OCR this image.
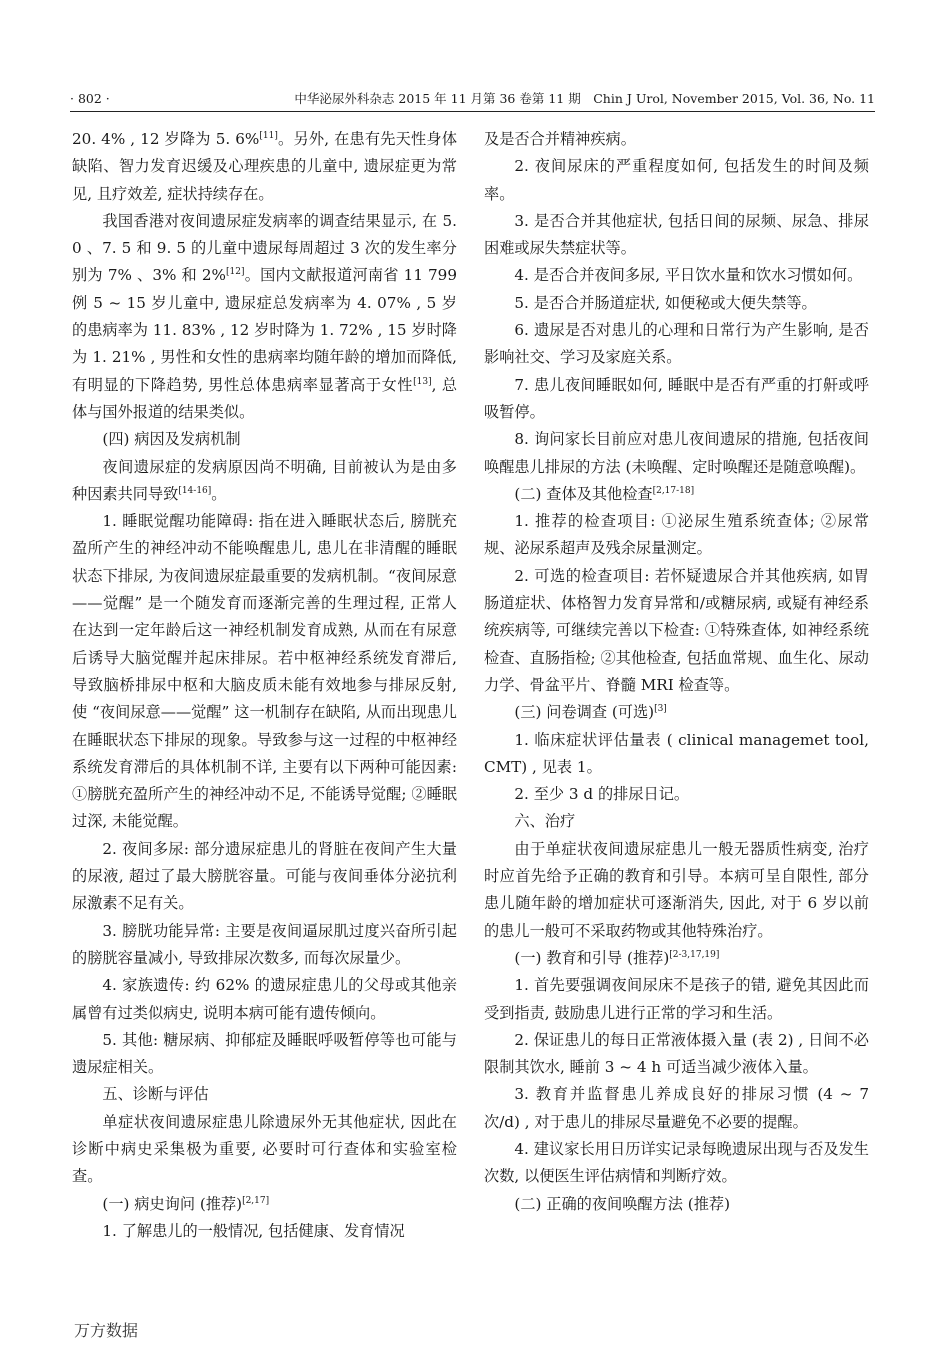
· 802 ·	中华泌尿外科杂志 2015 年 11 月第 36 卷第 11 期　Chin J Urol, November 2015, Vol. 36, No. 11

20. 4% , 12 岁降为 5. 6%[11]。另外, 在患有先天性身体缺陷、智力发育迟缓及心理疾患的儿童中, 遗尿症更为常见, 且疗效差, 症状持续存在。

我国香港对夜间遗尿症发病率的调查结果显示, 在 5. 0 、7. 5 和 9. 5 的儿童中遗尿每周超过 3 次的发生率分别为 7% 、3% 和 2%[12]。国内文献报道河南省 11 799 例 5 ~ 15 岁儿童中, 遗尿症总发病率为 4. 07% , 5 岁的患病率为 11. 83% , 12 岁时降为 1. 72% , 15 岁时降为 1. 21% , 男性和女性的患病率均随年龄的增加而降低, 有明显的下降趋势, 男性总体患病率显著高于女性[13], 总体与国外报道的结果类似。

(四) 病因及发病机制

夜间遗尿症的发病原因尚不明确, 目前被认为是由多种因素共同导致[14-16]。

1. 睡眠觉醒功能障碍: 指在进入睡眠状态后, 膀胱充盈所产生的神经冲动不能唤醒患儿, 患儿在非清醒的睡眠状态下排尿, 为夜间遗尿症最重要的发病机制。“夜间尿意——觉醒” 是一个随发育而逐渐完善的生理过程, 正常人在达到一定年龄后这一神经机制发育成熟, 从而在有尿意后诱导大脑觉醒并起床排尿。若中枢神经系统发育滞后, 导致脑桥排尿中枢和大脑皮质未能有效地参与排尿反射, 使 “夜间尿意——觉醒” 这一机制存在缺陷, 从而出现患儿在睡眠状态下排尿的现象。导致参与这一过程的中枢神经系统发育滞后的具体机制不详, 主要有以下两种可能因素: ①膀胱充盈所产生的神经冲动不足, 不能诱导觉醒; ②睡眠过深, 未能觉醒。

2. 夜间多尿: 部分遗尿症患儿的肾脏在夜间产生大量的尿液, 超过了最大膀胱容量。可能与夜间垂体分泌抗利尿激素不足有关。

3. 膀胱功能异常: 主要是夜间逼尿肌过度兴奋所引起的膀胱容量减小, 导致排尿次数多, 而每次尿量少。

4. 家族遗传: 约 62% 的遗尿症患儿的父母或其他亲属曾有过类似病史, 说明本病可能有遗传倾向。

5. 其他: 糖尿病、抑郁症及睡眠呼吸暂停等也可能与遗尿症相关。

五、诊断与评估

单症状夜间遗尿症患儿除遗尿外无其他症状, 因此在诊断中病史采集极为重要, 必要时可行查体和实验室检查。

(一) 病史询问 (推荐)[2,17]

1. 了解患儿的一般情况, 包括健康、发育情况

及是否合并精神疾病。

2. 夜间尿床的严重程度如何, 包括发生的时间及频率。

3. 是否合并其他症状, 包括日间的尿频、尿急、排尿困难或尿失禁症状等。

4. 是否合并夜间多尿, 平日饮水量和饮水习惯如何。

5. 是否合并肠道症状, 如便秘或大便失禁等。

6. 遗尿是否对患儿的心理和日常行为产生影响, 是否影响社交、学习及家庭关系。

7. 患儿夜间睡眠如何, 睡眠中是否有严重的打鼾或呼吸暂停。

8. 询问家长目前应对患儿夜间遗尿的措施, 包括夜间唤醒患儿排尿的方法 (未唤醒、定时唤醒还是随意唤醒)。

(二) 查体及其他检查[2,17-18]

1. 推荐的检查项目: ①泌尿生殖系统查体; ②尿常规、泌尿系超声及残余尿量测定。

2. 可选的检查项目: 若怀疑遗尿合并其他疾病, 如胃肠道症状、体格智力发育异常和/或糖尿病, 或疑有神经系统疾病等, 可继续完善以下检查: ①特殊查体, 如神经系统检查、直肠指检; ②其他检查, 包括血常规、血生化、尿动力学、骨盆平片、脊髓 MRI 检查等。

(三) 问卷调查 (可选)[3]

1. 临床症状评估量表 ( clinical managemet tool, CMT) , 见表 1。

2. 至少 3 d 的排尿日记。

六、治疗

由于单症状夜间遗尿症患儿一般无器质性病变, 治疗时应首先给予正确的教育和引导。本病可呈自限性, 部分患儿随年龄的增加症状可逐渐消失, 因此, 对于 6 岁以前的患儿一般可不采取药物或其他特殊治疗。

(一) 教育和引导 (推荐)[2-3,17,19]

1. 首先要强调夜间尿床不是孩子的错, 避免其因此而受到指责, 鼓励患儿进行正常的学习和生活。

2. 保证患儿的每日正常液体摄入量 (表 2) , 日间不必限制其饮水, 睡前 3 ~ 4 h 可适当减少液体入量。

3. 教育并监督患儿养成良好的排尿习惯 (4 ~ 7 次/d) , 对于患儿的排尿尽量避免不必要的提醒。

4. 建议家长用日历详实记录每晚遗尿出现与否及发生次数, 以便医生评估病情和判断疗效。

(二) 正确的夜间唤醒方法 (推荐)

万方数据
